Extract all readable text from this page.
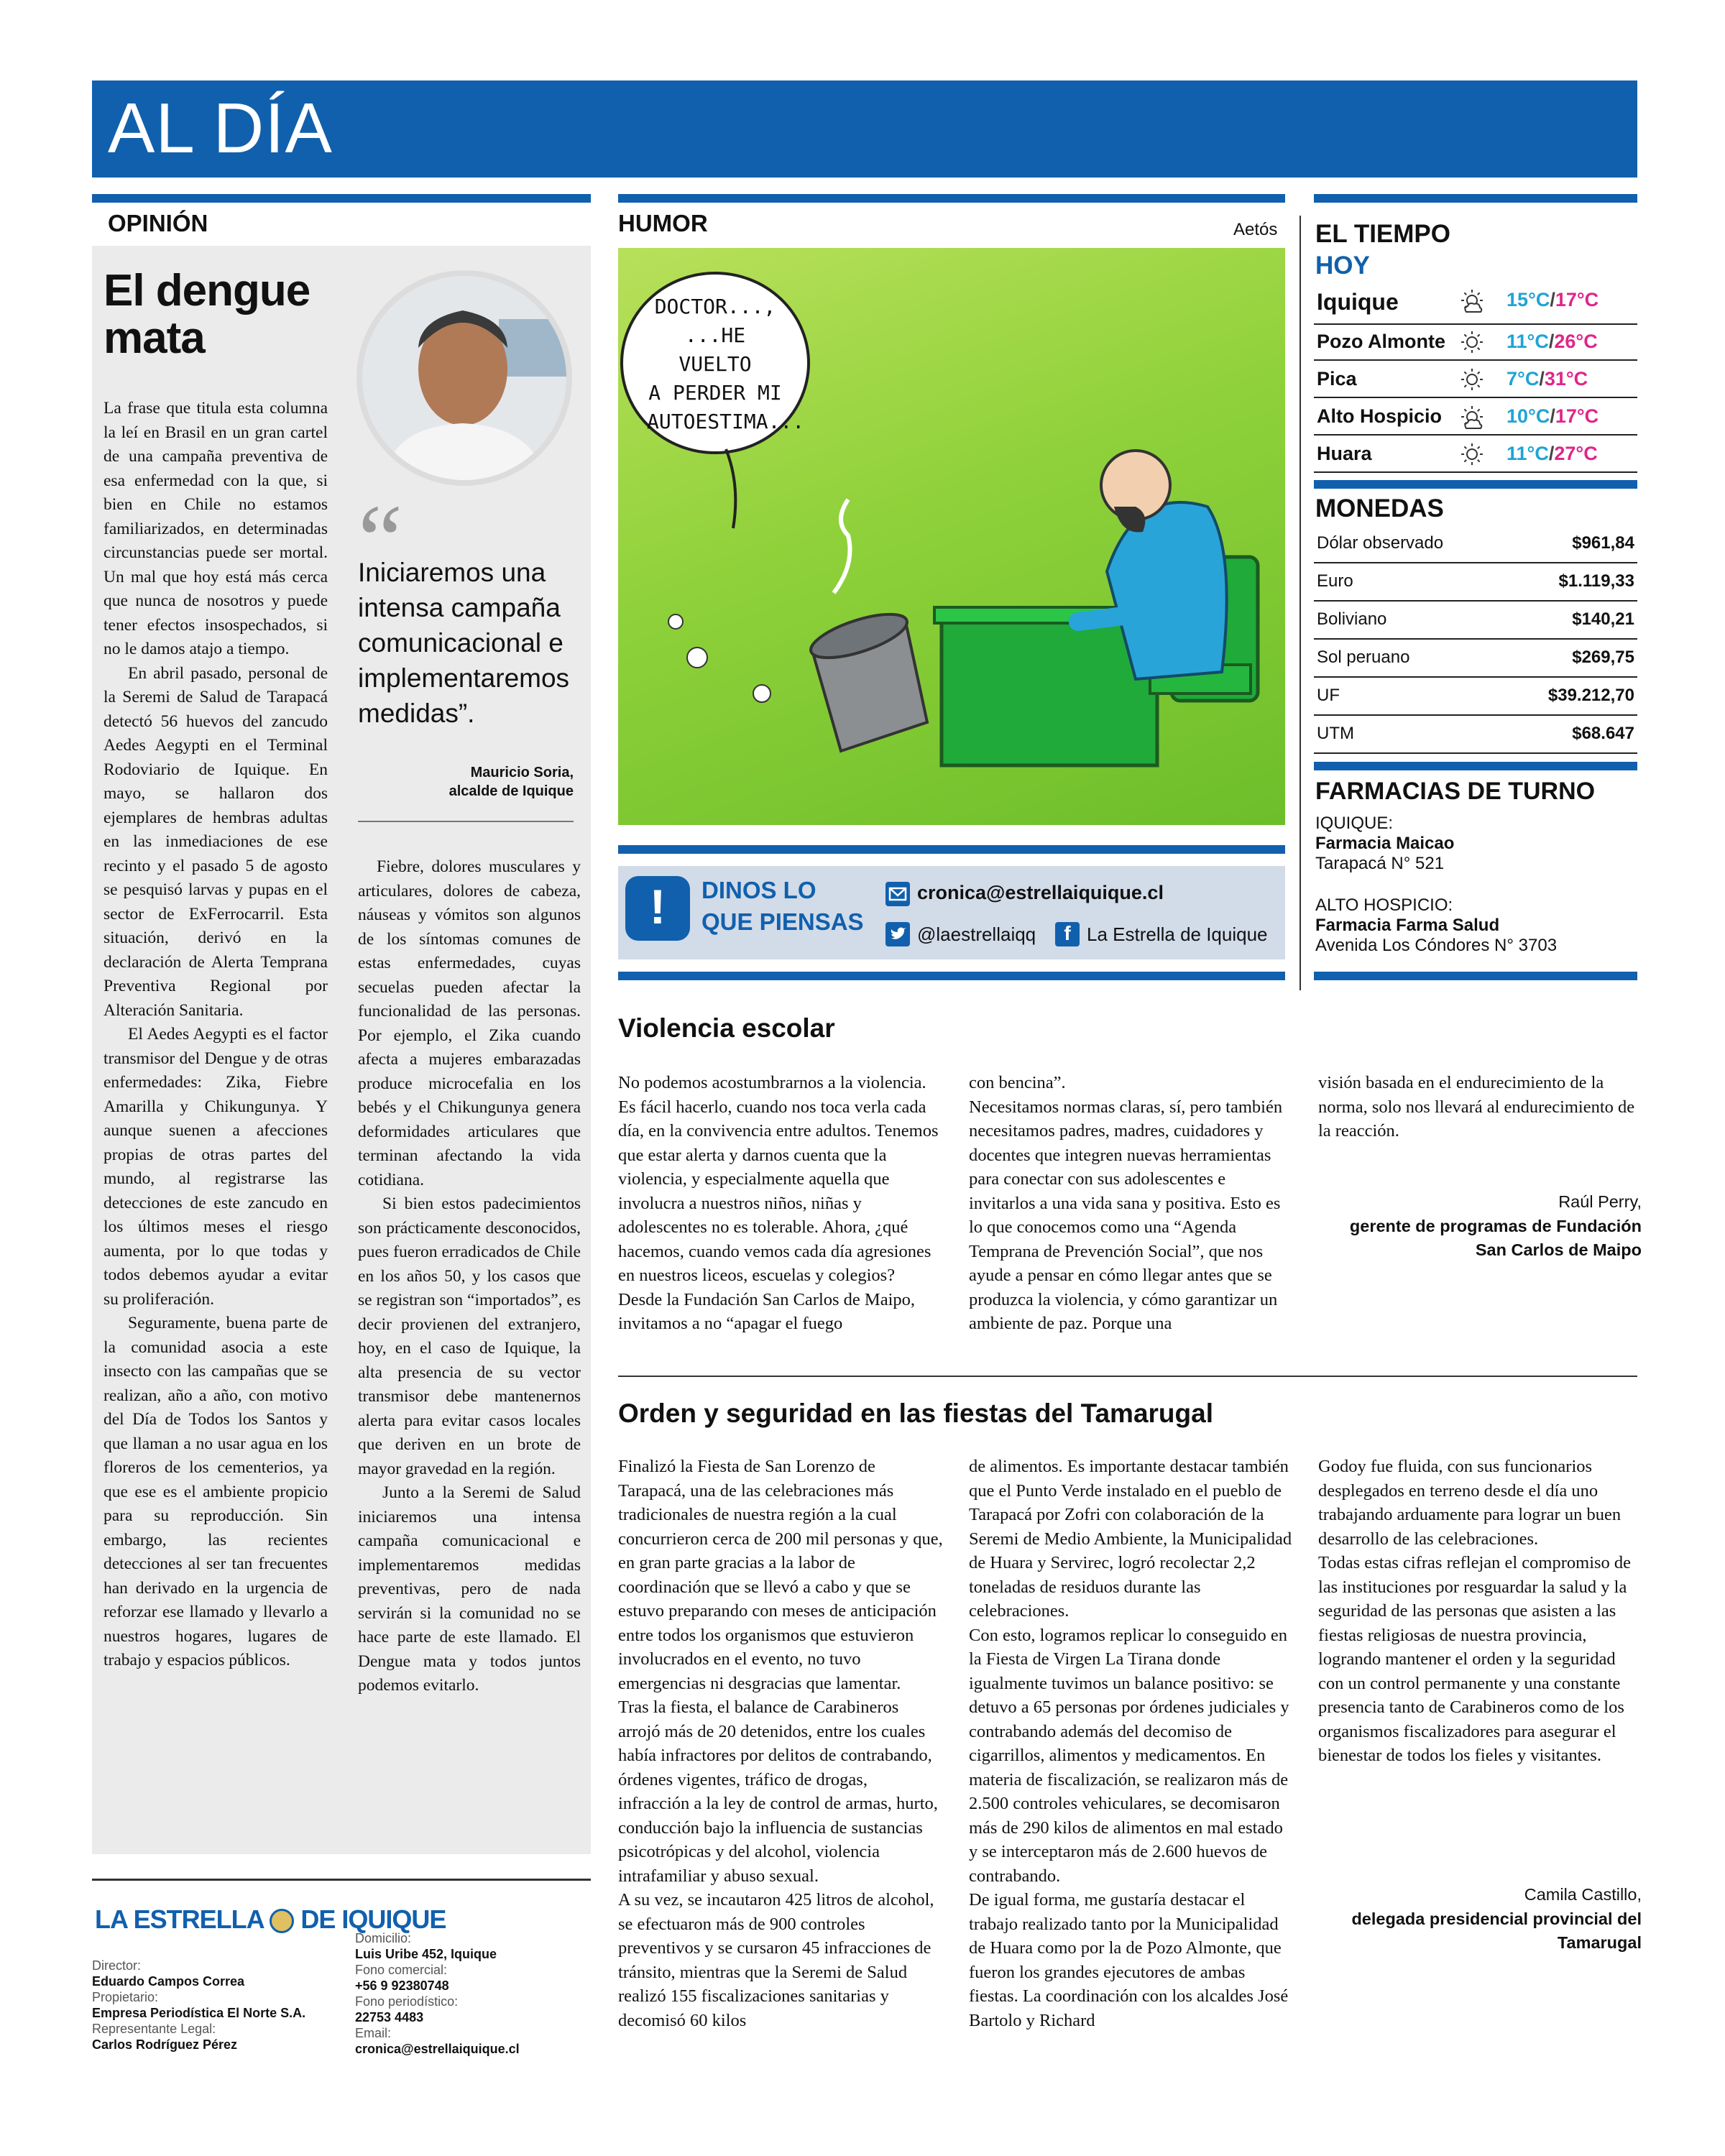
AL DÍA
OPINIÓN
El dengue mata

La frase que titula esta columna la leí en Brasil en un gran cartel de una campaña preventiva de esa enfermedad con la que, si bien en Chile no estamos familiarizados, en determinadas circunstancias puede ser mortal. Un mal que hoy está más cerca que nunca de nosotros y puede tener efectos insospechados, si no le damos atajo a tiempo.

En abril pasado, personal de la Seremi de Salud de Tarapacá detectó 56 huevos del zancudo Aedes Aegypti en el Terminal Rodoviario de Iquique. En mayo, se hallaron dos ejemplares de hembras adultas en las inmediaciones de ese recinto y el pasado 5 de agosto se pesquisó larvas y pupas en el sector de ExFerrocarril. Esta situación, derivó en la declaración de Alerta Temprana Preventiva Regional por Alteración Sanitaria.

El Aedes Aegypti es el factor transmisor del Dengue y de otras enfermedades: Zika, Fiebre Amarilla y Chikungunya. Y aunque suenen a afecciones propias de otras partes del mundo, al registrarse las detecciones de este zancudo en los últimos meses el riesgo aumenta, por lo que todas y todos debemos ayudar a evitar su proliferación.

Seguramente, buena parte de la comunidad asocia a este insecto con las campañas que se realizan, año a año, con motivo del Día de Todos los Santos y que llaman a no usar agua en los floreros de los cementerios, ya que ese es el ambiente propicio para su reproducción. Sin embargo, las recientes detecciones al ser tan frecuentes han derivado en la urgencia de reforzar ese llamado y llevarlo a nuestros hogares, lugares de trabajo y espacios públicos.

“
Iniciaremos una intensa campaña comunicacional e implementaremos medidas”.
Mauricio Soria,
alcalde de Iquique

Fiebre, dolores musculares y articulares, dolores de cabeza, náuseas y vómitos son algunos de los síntomas comunes de estas enfermedades, cuyas secuelas pueden afectar la funcionalidad de las personas. Por ejemplo, el Zika cuando afecta a mujeres embarazadas produce microcefalia en los bebés y el Chikungunya genera deformidades articulares que terminan afectando la vida cotidiana.

Si bien estos padecimientos son prácticamente desconocidos, pues fueron erradicados de Chile en los años 50, y los casos que se registran son “importados”, es decir provienen del extranjero, hoy, en el caso de Iquique, la alta presencia de su vector transmisor debe mantenernos alerta para evitar casos locales que deriven en un brote de mayor gravedad en la región.

Junto a la Seremi de Salud iniciaremos una intensa campaña comunicacional e implementaremos medidas preventivas, pero de nada servirán si la comunidad no se hace parte de este llamado. El Dengue mata y todos juntos podemos evitarlo.

LA ESTRELLA DE IQUIQUE
Director:
Eduardo Campos Correa
Propietario:
Empresa Periodística El Norte S.A.
Representante Legal:
Carlos Rodríguez Pérez
Domicilio:
Luis Uribe 452, Iquique
Fono comercial:
+56 9 92380748
Fono periodístico:
22753 4483
Email:
cronica@estrellaiquique.cl
HUMOR	Aetós
DOCTOR...,
...HE VUELTO
A PERDER MI
AUTOESTIMA...
!	DINOS LO
QUE PIENSAS
cronica@estrellaiquique.cl
@laestrellaiqq	f La Estrella de Iquique
EL TIEMPO
HOY
Iquique	15°C/17°C
Pozo Almonte	11°C/26°C
Pica	7°C/31°C
Alto Hospicio	10°C/17°C
Huara	11°C/27°C
MONEDAS
Dólar observado	$961,84
Euro	$1.119,33
Boliviano	$140,21
Sol peruano	$269,75
UF	$39.212,70
UTM	$68.647
FARMACIAS DE TURNO
IQUIQUE:
Farmacia Maicao
Tarapacá N° 521
ALTO HOSPICIO:
Farmacia Farma Salud
Avenida Los Cóndores N° 3703
Violencia escolar
No podemos acostumbrarnos a la violencia. Es fácil hacerlo, cuando nos toca verla cada día, en la convivencia entre adultos. Tenemos que estar alerta y darnos cuenta que la violencia, y especialmente aquella que involucra a nuestros niños, niñas y adolescentes no es tolerable. Ahora, ¿qué hacemos, cuando vemos cada día agresiones en nuestros liceos, escuelas y colegios? Desde la Fundación San Carlos de Maipo, invitamos a no “apagar el fuego
con bencina”.
Necesitamos normas claras, sí, pero también necesitamos padres, madres, cuidadores y docentes que integren nuevas herramientas para conectar con sus adolescentes e invitarlos a una vida sana y positiva. Esto es lo que conocemos como una “Agenda Temprana de Prevención Social”, que nos ayude a pensar en cómo llegar antes que se produzca la violencia, y cómo garantizar un ambiente de paz. Porque una
visión basada en el endurecimiento de la norma, solo nos llevará al endurecimiento de la reacción.
Raúl Perry,
gerente de programas de Fundación San Carlos de Maipo
Orden y seguridad en las fiestas del Tamarugal
Finalizó la Fiesta de San Lorenzo de Tarapacá, una de las celebraciones más tradicionales de nuestra región a la cual concurrieron cerca de 200 mil personas y que, en gran parte gracias a la labor de coordinación que se llevó a cabo y que se estuvo preparando con meses de anticipación entre todos los organismos que estuvieron involucrados en el evento, no tuvo emergencias ni desgracias que lamentar.
Tras la fiesta, el balance de Carabineros arrojó más de 20 detenidos, entre los cuales había infractores por delitos de contrabando, órdenes vigentes, tráfico de drogas, infracción a la ley de control de armas, hurto, conducción bajo la influencia de sustancias psicotrópicas y del alcohol, violencia intrafamiliar y abuso sexual.
A su vez, se incautaron 425 litros de alcohol, se efectuaron más de 900 controles preventivos y se cursaron 45 infracciones de tránsito, mientras que la Seremi de Salud realizó 155 fiscalizaciones sanitarias y decomisó 60 kilos
de alimentos. Es importante destacar también que el Punto Verde instalado en el pueblo de Tarapacá por Zofri con colaboración de la Seremi de Medio Ambiente, la Municipalidad de Huara y Servirec, logró recolectar 2,2 toneladas de residuos durante las celebraciones.
Con esto, logramos replicar lo conseguido en la Fiesta de Virgen La Tirana donde igualmente tuvimos un balance positivo: se detuvo a 65 personas por órdenes judiciales y contrabando además del decomiso de cigarrillos, alimentos y medicamentos. En materia de fiscalización, se realizaron más de 2.500 controles vehiculares, se decomisaron más de 290 kilos de alimentos en mal estado y se interceptaron más de 2.600 huevos de contrabando.
De igual forma, me gustaría destacar el trabajo realizado tanto por la Municipalidad de Huara como por la de Pozo Almonte, que fueron los grandes ejecutores de ambas fiestas. La coordinación con los alcaldes José Bartolo y Richard
Godoy fue fluida, con sus funcionarios desplegados en terreno desde el día uno trabajando arduamente para lograr un buen desarrollo de las celebraciones.
Todas estas cifras reflejan el compromiso de las instituciones por resguardar la salud y la seguridad de las personas que asisten a las fiestas religiosas de nuestra provincia, logrando mantener el orden y la seguridad con un control permanente y una constante presencia tanto de Carabineros como de los organismos fiscalizadores para asegurar el bienestar de todos los fieles y visitantes.
Camila Castillo,
delegada presidencial provincial del Tamarugal
